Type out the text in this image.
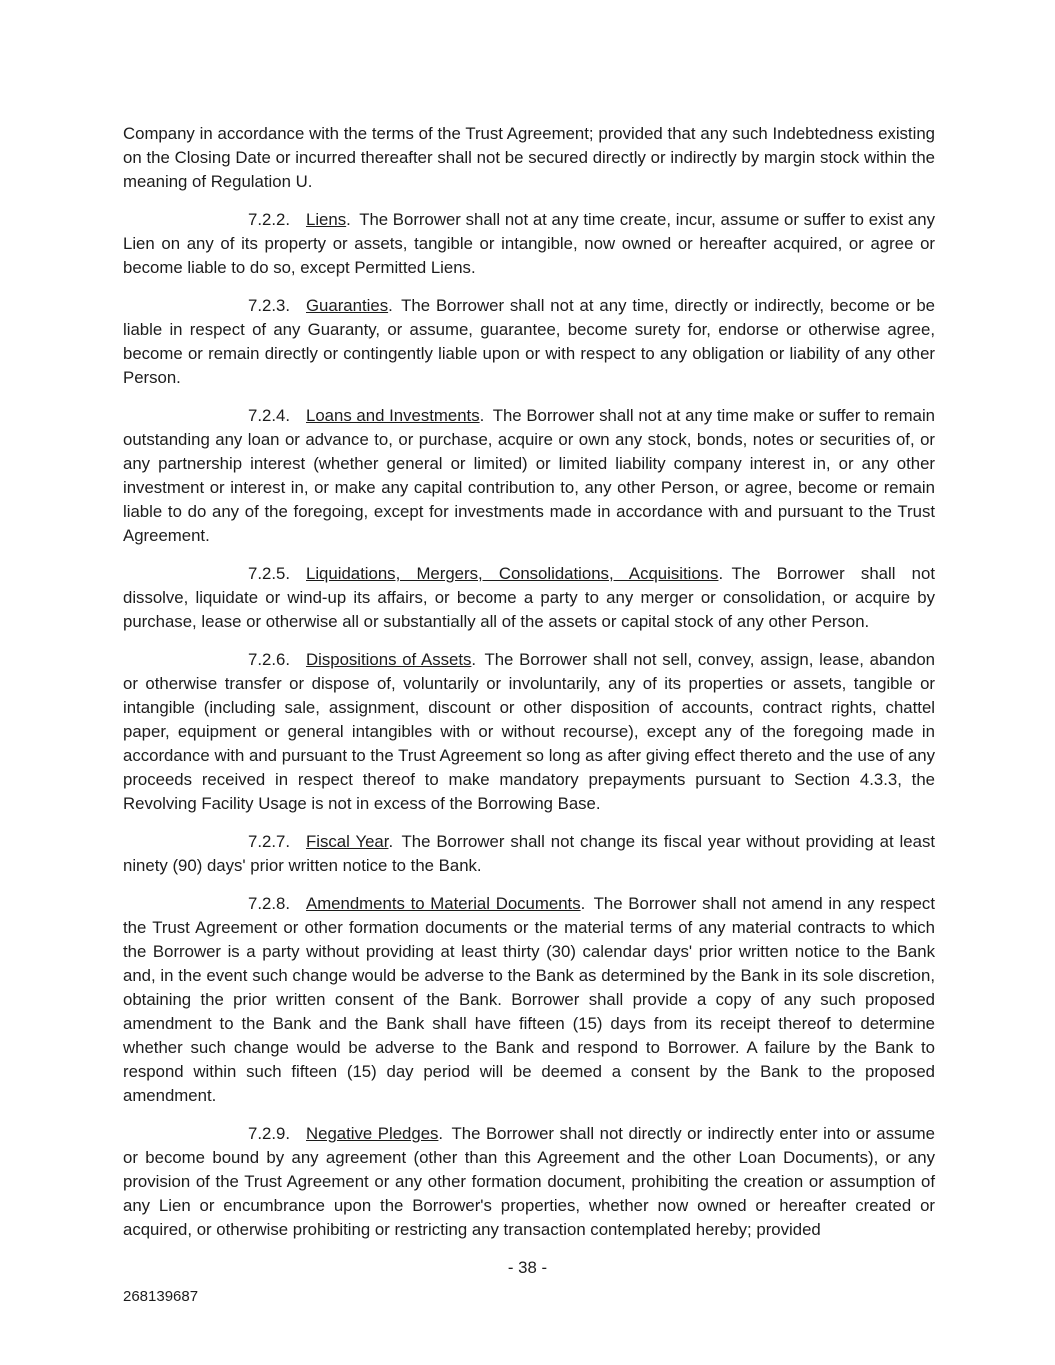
Company in accordance with the terms of the Trust Agreement; provided that any such Indebtedness existing on the Closing Date or incurred thereafter shall not be secured directly or indirectly by margin stock within the meaning of Regulation U.

7.2.2. Liens. The Borrower shall not at any time create, incur, assume or suffer to exist any Lien on any of its property or assets, tangible or intangible, now owned or hereafter acquired, or agree or become liable to do so, except Permitted Liens.

7.2.3. Guaranties. The Borrower shall not at any time, directly or indirectly, become or be liable in respect of any Guaranty, or assume, guarantee, become surety for, endorse or otherwise agree, become or remain directly or contingently liable upon or with respect to any obligation or liability of any other Person.

7.2.4. Loans and Investments. The Borrower shall not at any time make or suffer to remain outstanding any loan or advance to, or purchase, acquire or own any stock, bonds, notes or securities of, or any partnership interest (whether general or limited) or limited liability company interest in, or any other investment or interest in, or make any capital contribution to, any other Person, or agree, become or remain liable to do any of the foregoing, except for investments made in accordance with and pursuant to the Trust Agreement.

7.2.5. Liquidations, Mergers, Consolidations, Acquisitions. The Borrower shall not dissolve, liquidate or wind-up its affairs, or become a party to any merger or consolidation, or acquire by purchase, lease or otherwise all or substantially all of the assets or capital stock of any other Person.

7.2.6. Dispositions of Assets. The Borrower shall not sell, convey, assign, lease, abandon or otherwise transfer or dispose of, voluntarily or involuntarily, any of its properties or assets, tangible or intangible (including sale, assignment, discount or other disposition of accounts, contract rights, chattel paper, equipment or general intangibles with or without recourse), except any of the foregoing made in accordance with and pursuant to the Trust Agreement so long as after giving effect thereto and the use of any proceeds received in respect thereof to make mandatory prepayments pursuant to Section 4.3.3, the Revolving Facility Usage is not in excess of the Borrowing Base.

7.2.7. Fiscal Year. The Borrower shall not change its fiscal year without providing at least ninety (90) days' prior written notice to the Bank.

7.2.8. Amendments to Material Documents. The Borrower shall not amend in any respect the Trust Agreement or other formation documents or the material terms of any material contracts to which the Borrower is a party without providing at least thirty (30) calendar days' prior written notice to the Bank and, in the event such change would be adverse to the Bank as determined by the Bank in its sole discretion, obtaining the prior written consent of the Bank. Borrower shall provide a copy of any such proposed amendment to the Bank and the Bank shall have fifteen (15) days from its receipt thereof to determine whether such change would be adverse to the Bank and respond to Borrower. A failure by the Bank to respond within such fifteen (15) day period will be deemed a consent by the Bank to the proposed amendment.

7.2.9. Negative Pledges. The Borrower shall not directly or indirectly enter into or assume or become bound by any agreement (other than this Agreement and the other Loan Documents), or any provision of the Trust Agreement or any other formation document, prohibiting the creation or assumption of any Lien or encumbrance upon the Borrower's properties, whether now owned or hereafter created or acquired, or otherwise prohibiting or restricting any transaction contemplated hereby; provided

- 38 -
268139687
